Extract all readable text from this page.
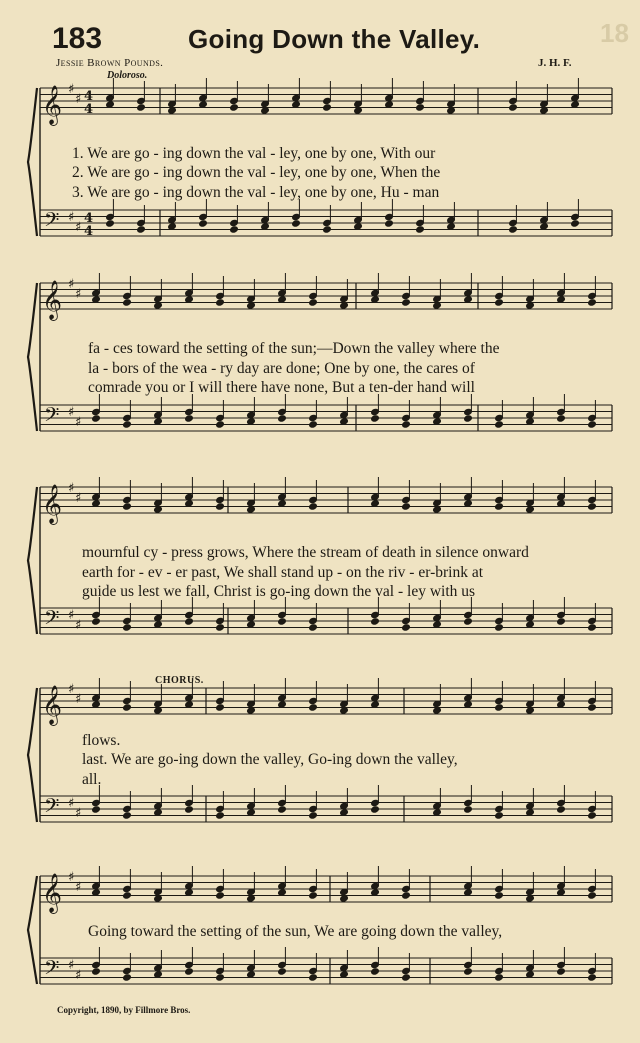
18
183	Going Down the Valley.
Jessie Brown Pounds.	J. H. F.
Doloroso.
CHORUS.
𝄞
𝄢
♯
♯
♯
♯
4
4
4
4
𝄞
𝄢
♯
♯
♯
♯
𝄞
𝄢
♯
♯
♯
♯
𝄞
𝄢
♯
♯
♯
♯
𝄞
𝄢
♯
♯
♯
♯
1. We are go - ing down the val - ley, one by one, With our
2. We are go - ing down the val - ley, one by one, When the
3. We are go - ing down the val - ley, one by one, Hu - man
fa - ces toward the setting of the sun;—Down the valley where the
la - bors of the wea - ry day are done; One by one, the cares of
comrade you or I will there have none, But a ten-der hand will
mournful cy - press grows, Where the stream of death in silence onward
earth for - ev - er past, We shall stand up - on the riv - er-brink at
guide us lest we fall, Christ is go-ing down the val - ley with us
flows.
last. We are go-ing down the valley, Go-ing down the valley,
all.
Going toward the setting of the sun, We are going down the valley,
Copyright, 1890, by Fillmore Bros.
